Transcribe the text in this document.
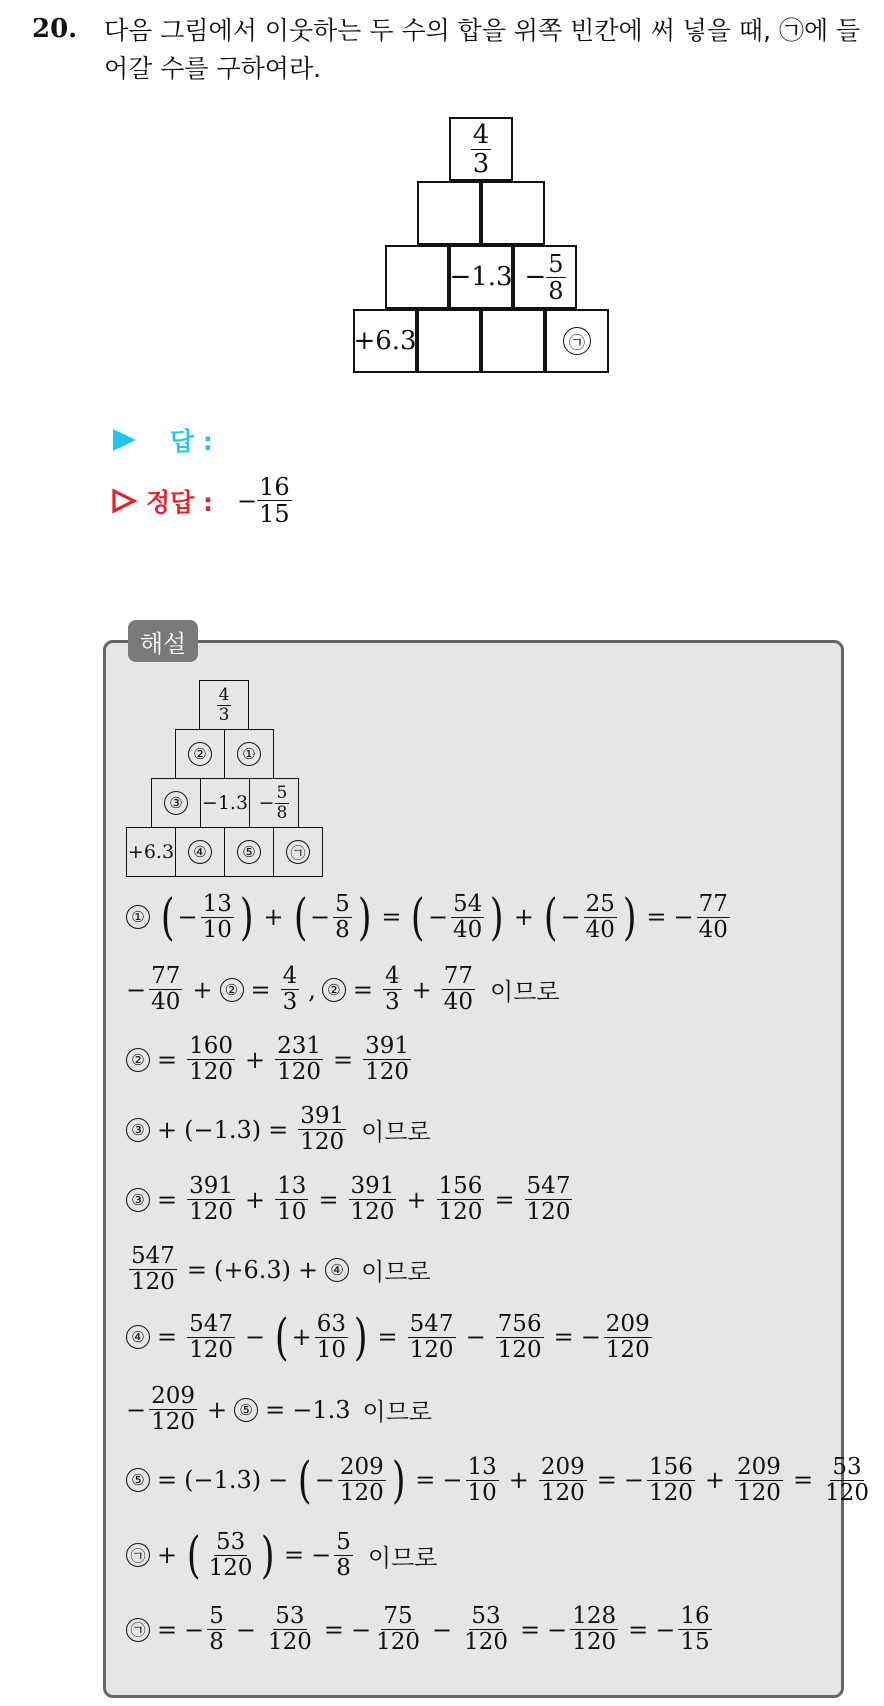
20. 다음 그림에서 이웃하는 두 수의 합을 위쪽 빈칸에 써 넣을 때, ㉠에 들어갈 수를 구하여라.
$\frac{4}{3}$
$-1.3 - \frac{5}{8}$
+6.3	㉠
답 :
정답 : − $\frac{16}{15}$
해설
$\frac{4}{3}$
②	①
③ $-1.3 - \frac{5}{8}$
+6.3	④	⑤	㉠
① ( − $\frac{13}{10}$ ) + ( − $\frac{5}{8}$ ) = ( − $\frac{54}{40}$ ) + ( − $\frac{25}{40}$ ) = − $\frac{77}{40}$
− $\frac{77}{40}$ + ② = $\frac{4}{3}$ , ② = $\frac{4}{3} + \frac{77}{40}$ 이므로
② = $\frac{160}{120} + \frac{231}{120} = \frac{391}{120}$
③ + $(-1.3) = \frac{391}{120}$ 이므로
③ = $\frac{391}{120} + \frac{13}{10} = \frac{391}{120} + \frac{156}{120} = \frac{547}{120}$
$\frac{547}{120} = (+6.3)$ + ④ 이므로
④ = $\frac{547}{120}$ − ( + $\frac{63}{10}$ ) = $\frac{547}{120} - \frac{756}{120}$ = − $\frac{209}{120}$
− $\frac{209}{120}$ + ⑤ = −1.3 이므로
⑤ = (−1.3) − ( − $\frac{209}{120}$ ) = − $\frac{13}{10} + \frac{209}{120}$ = − $\frac{156}{120} + \frac{209}{120} = \frac{53}{120}$
㉠ + ( $\frac{53}{120}$ ) = − $\frac{5}{8}$ 이므로
㉠ = − $\frac{5}{8} - \frac{53}{120}$ = − $\frac{75}{120} - \frac{53}{120}$ = − $\frac{128}{120}$ = − $\frac{16}{15}$
